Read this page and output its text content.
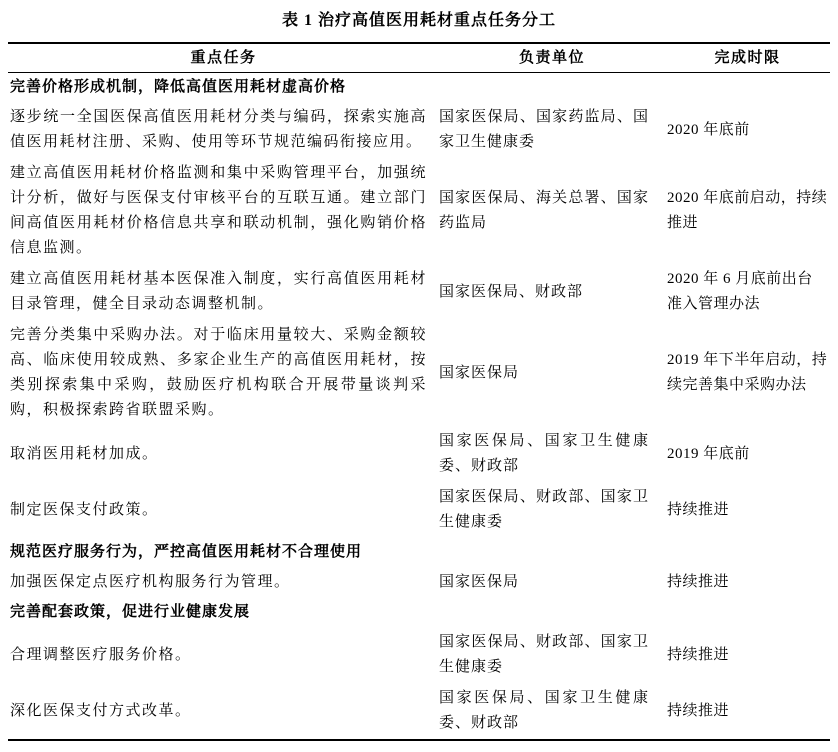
表 1 治疗高值医用耗材重点任务分工
重点任务	负责单位	完成时限
完善价格形成机制，降低高值医用耗材虚高价格		
逐步统一全国医保高值医用耗材分类与编码，探索实施高值医用耗材注册、采购、使用等环节规范编码衔接应用。	国家医保局、国家药监局、国家卫生健康委	2020 年底前
建立高值医用耗材价格监测和集中采购管理平台，加强统计分析，做好与医保支付审核平台的互联互通。建立部门间高值医用耗材价格信息共享和联动机制，强化购销价格信息监测。	国家医保局、海关总署、国家药监局	2020 年底前启动，持续推进
建立高值医用耗材基本医保准入制度，实行高值医用耗材目录管理，健全目录动态调整机制。	国家医保局、财政部	2020 年 6 月底前出台准入管理办法
完善分类集中采购办法。对于临床用量较大、采购金额较高、临床使用较成熟、多家企业生产的高值医用耗材，按类别探索集中采购，鼓励医疗机构联合开展带量谈判采购，积极探索跨省联盟采购。	国家医保局	2019 年下半年启动，持续完善集中采购办法
取消医用耗材加成。	国家医保局、国家卫生健康委、财政部	2019 年底前
制定医保支付政策。	国家医保局、财政部、国家卫生健康委	持续推进
规范医疗服务行为，严控高值医用耗材不合理使用		
加强医保定点医疗机构服务行为管理。	国家医保局	持续推进
完善配套政策，促进行业健康发展		
合理调整医疗服务价格。	国家医保局、财政部、国家卫生健康委	持续推进
深化医保支付方式改革。	国家医保局、国家卫生健康委、财政部	持续推进
